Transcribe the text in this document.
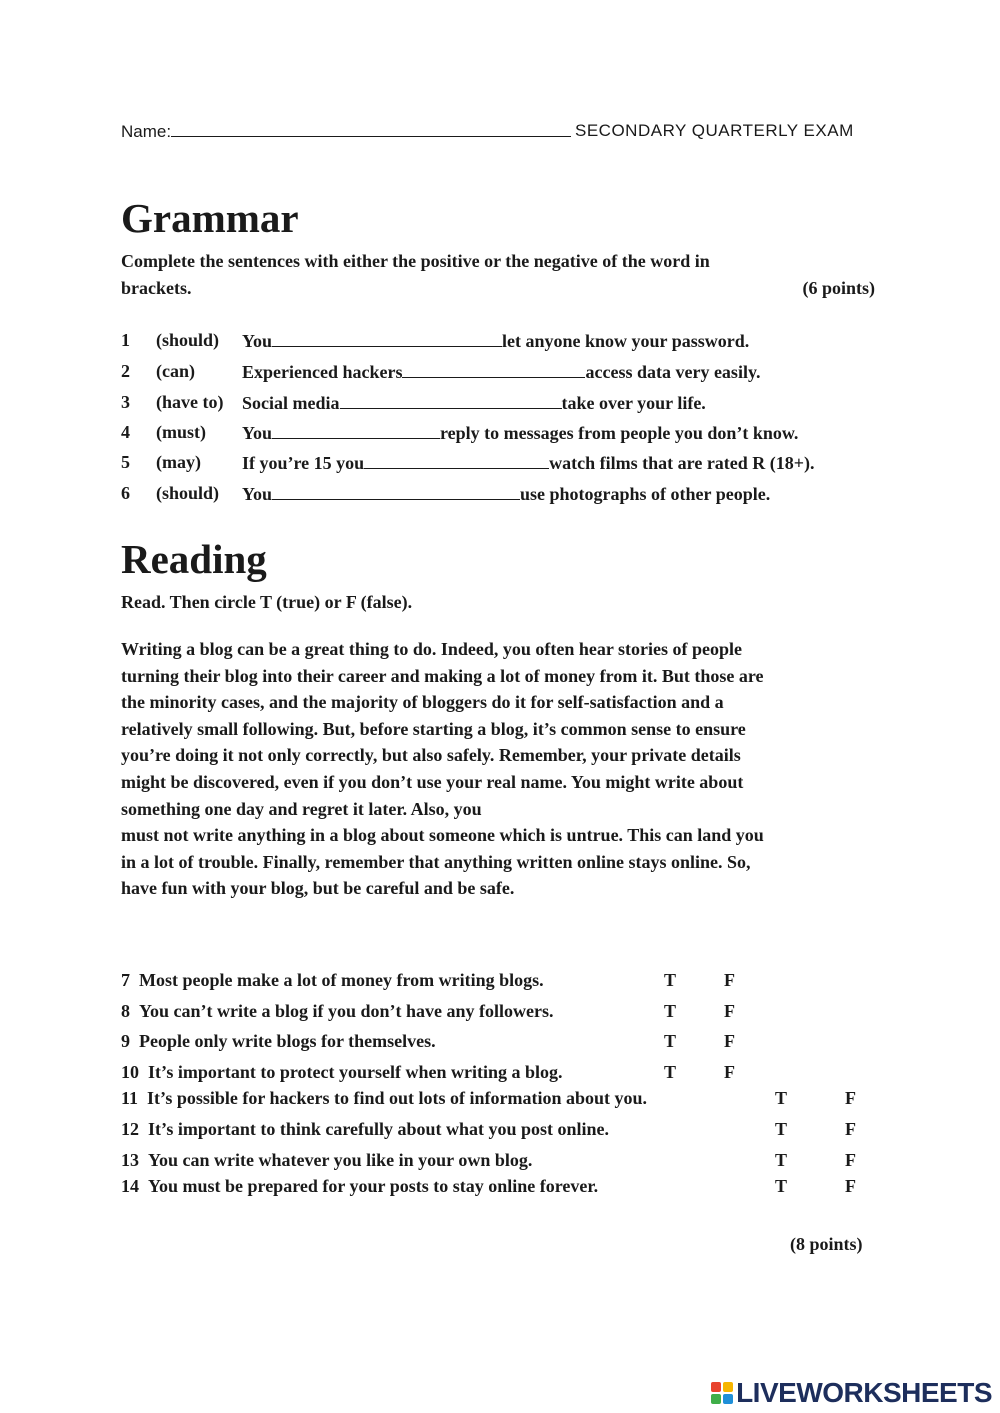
Name:	SECONDARY QUARTERLY EXAM
Grammar
Complete the sentences with either the positive or the negative of the word in
brackets.	(6 points)
1 (should) You	let anyone know your password.
2 (can)	Experienced hackers	access data very easily.
3 (have to) Social media	take over your life.
4 (must) You	reply to messages from people you don’t know.
5 (may) If you’re 15 you	watch films that are rated R (18+).
6 (should) You	use photographs of other people.
Reading
Read. Then circle T (true) or F (false).

Writing a blog can be a great thing to do. Indeed, you often hear stories of people

turning their blog into their career and making a lot of money from it. But those are

the minority cases, and the majority of bloggers do it for self-satisfaction and a

relatively small following. But, before starting a blog, it’s common sense to ensure

you’re doing it not only correctly, but also safely. Remember, your private details

might be discovered, even if you don’t use your real name. You might write about

something one day and regret it later. Also, you

must not write anything in a blog about someone which is untrue. This can land you

in a lot of trouble. Finally, remember that anything written online stays online. So,

have fun with your blog, but be careful and be safe.

7 Most people make a lot of money from writing blogs.	T	F
8 You can’t write a blog if you don’t have any followers.	T	F
9 People only write blogs for themselves.	T	F
10 It’s important to protect yourself when writing a blog.	T	F
11 It’s possible for hackers to find out lots of information about you.	T	F
12 It’s important to think carefully about what you post online.	T	F
13 You can write whatever you like in your own blog.	T	F
14 You must be prepared for your posts to stay online forever.	T	F
(8 points)
LIVEWORKSHEETS
